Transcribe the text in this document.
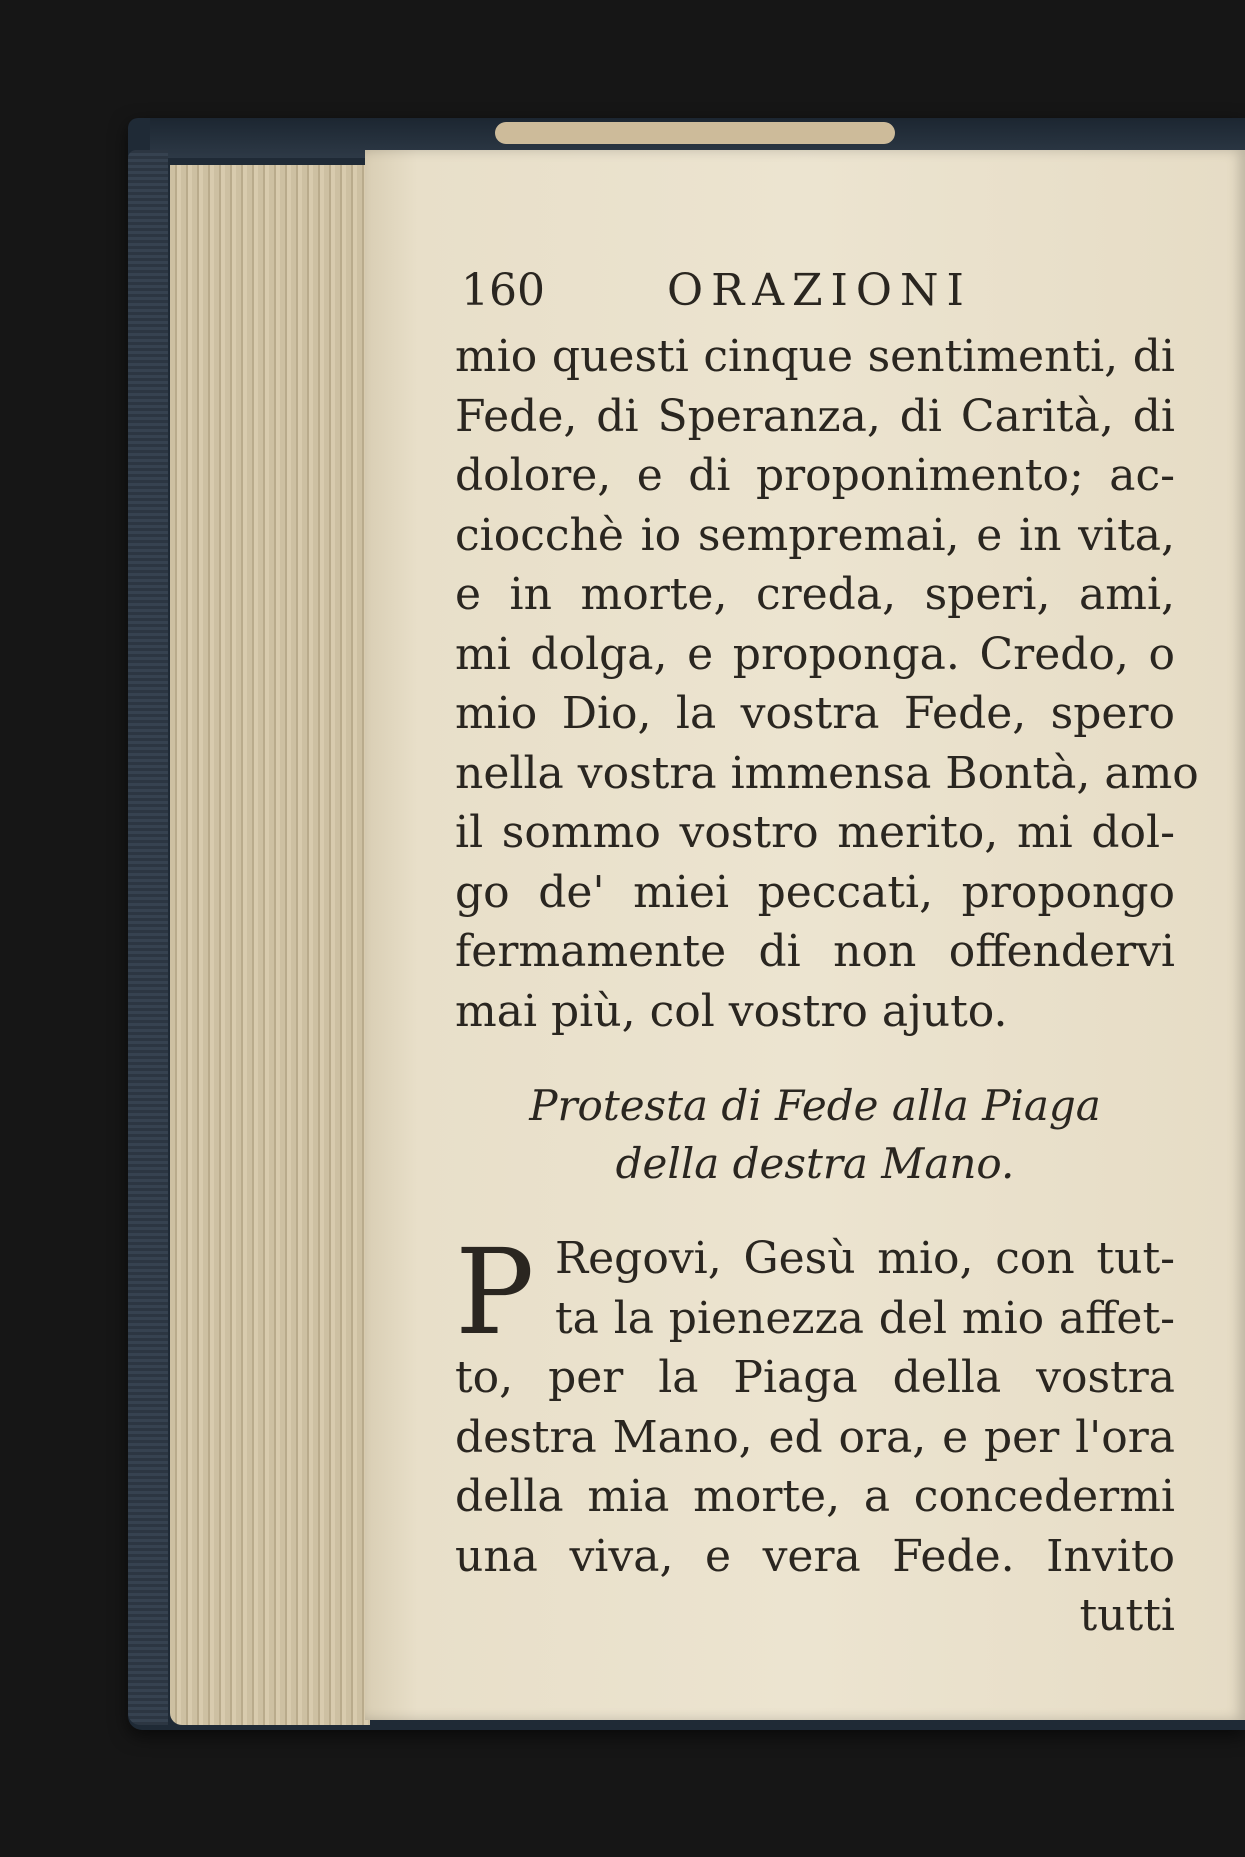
160	ORAZIONI
mio questi cinque sentimenti, di
Fede, di Speranza, di Carità, di
dolore, e di proponimento; ac-
ciocchè io sempremai, e in vita,
e in morte, creda, speri, ami,
mi dolga, e proponga. Credo, o
mio Dio, la vostra Fede, spero
nella vostra immensa Bontà, amo
il sommo vostro merito, mi dol-
go de' miei peccati, propongo
fermamente di non offendervi
mai più, col vostro ajuto.
Protesta di Fede alla Piaga
della destra Mano.
P Regovi, Gesù mio, con tut-
ta la pienezza del mio affet-
to, per la Piaga della vostra
destra Mano, ed ora, e per l'ora
della mia morte, a concedermi
una viva, e vera Fede. Invito
tutti
